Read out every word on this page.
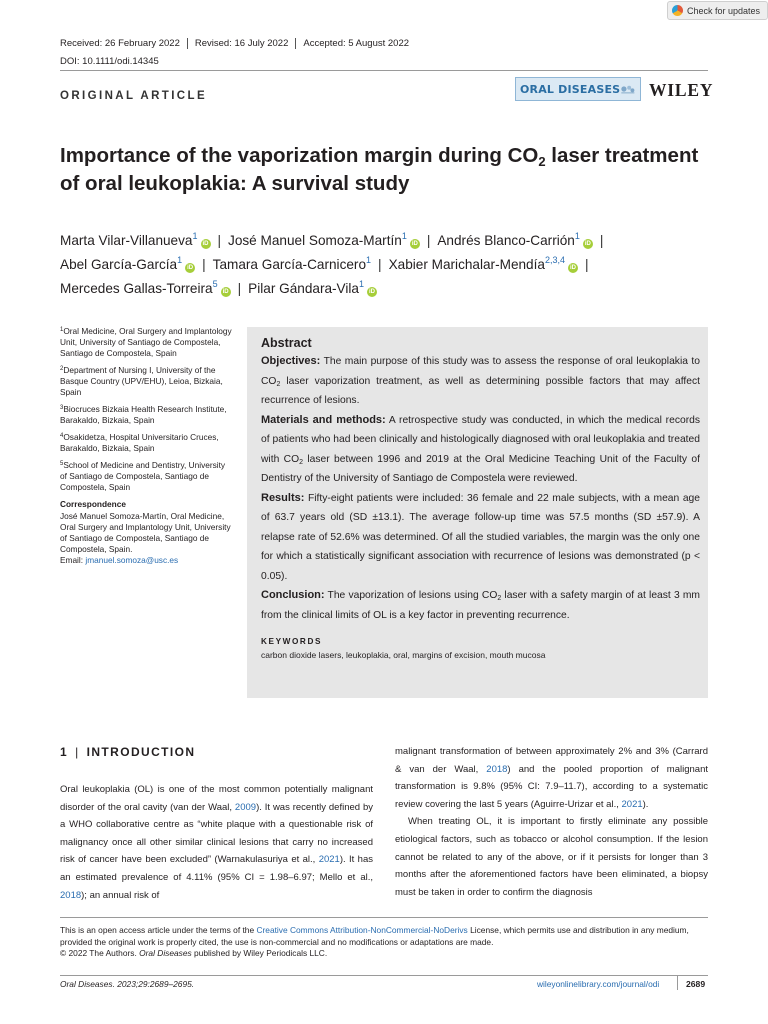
Check for updates
Received: 26 February 2022	Revised: 16 July 2022	Accepted: 5 August 2022
DOI: 10.1111/odi.14345
ORIGINAL ARTICLE
ORAL DISEASES WILEY
Importance of the vaporization margin during $CO_2$ laser treatment of oral leukoplakia: A survival study
Marta Vilar-Villanueva$^1$iD | José Manuel Somoza-Martín$^1$iD | Andrés Blanco-Carrión$^1$iD | Abel García-García$^1$iD | Tamara García-Carnicero$^1$ | Xabier Marichalar-Mendía$^{2,3,4}$iD | Mercedes Gallas-Torreira$^5$iD | Pilar Gándara-Vila$^1$iD
$^1$Oral Medicine, Oral Surgery and Implantology Unit, University of Santiago de Compostela, Santiago de Compostela, Spain
$^2$Department of Nursing I, University of the Basque Country (UPV/EHU), Leioa, Bizkaia, Spain
$^3$Biocruces Bizkaia Health Research Institute, Barakaldo, Bizkaia, Spain
$^4$Osakidetza, Hospital Universitario Cruces, Barakaldo, Bizkaia, Spain
$^5$School of Medicine and Dentistry, University of Santiago de Compostela, Santiago de Compostela, Spain
Correspondence
José Manuel Somoza-Martín, Oral Medicine, Oral Surgery and Implantology Unit, University of Santiago de Compostela, Santiago de Compostela, Spain.
Email: jmanuel.somoza@usc.es
Abstract

Objectives: The main purpose of this study was to assess the response of oral leukoplakia to $CO_2$ laser vaporization treatment, as well as determining possible factors that may affect recurrence of lesions.

Materials and methods: A retrospective study was conducted, in which the medical records of patients who had been clinically and histologically diagnosed with oral leukoplakia and treated with $CO_2$ laser between 1996 and 2019 at the Oral Medicine Teaching Unit of the Faculty of Dentistry of the University of Santiago de Compostela were reviewed.

Results: Fifty-eight patients were included: 36 female and 22 male subjects, with a mean age of 63.7 years old (SD ±13.1). The average follow-up time was 57.5 months (SD ±57.9). A relapse rate of 52.6% was determined. Of all the studied variables, the margin was the only one for which a statistically significant association with recurrence of lesions was demonstrated (p < 0.05).

Conclusion: The vaporization of lesions using $CO_2$ laser with a safety margin of at least 3 mm from the clinical limits of OL is a key factor in preventing recurrence.

KEYWORDS
carbon dioxide lasers, leukoplakia, oral, margins of excision, mouth mucosa
1 | INTRODUCTION

Oral leukoplakia (OL) is one of the most common potentially malignant disorder of the oral cavity (van der Waal, 2009). It was recently defined by a WHO collaborative centre as “white plaque with a questionable risk of malignancy once all other similar clinical lesions that carry no increased risk of cancer have been excluded” (Warnakulasuriya et al., 2021). It has an estimated prevalence of 4.11% (95% CI = 1.98–6.97; Mello et al., 2018); an annual risk of

malignant transformation of between approximately 2% and 3% (Carrard & van der Waal, 2018) and the pooled proportion of malignant transformation is 9.8% (95% CI: 7.9–11.7), according to a systematic review covering the last 5 years (Aguirre-Urizar et al., 2021).

When treating OL, it is important to firstly eliminate any possible etiological factors, such as tobacco or alcohol consumption. If the lesion cannot be related to any of the above, or if it persists for longer than 3 months after the aforementioned factors have been eliminated, a biopsy must be taken in order to confirm the diagnosis

This is an open access article under the terms of the Creative Commons Attribution-NonCommercial-NoDerivs License, which permits use and distribution in any medium, provided the original work is properly cited, the use is non-commercial and no modifications or adaptations are made.
© 2022 The Authors. Oral Diseases published by Wiley Periodicals LLC.
Oral Diseases. 2023;29:2689–2695.	wileyonlinelibrary.com/journal/odi	2689
